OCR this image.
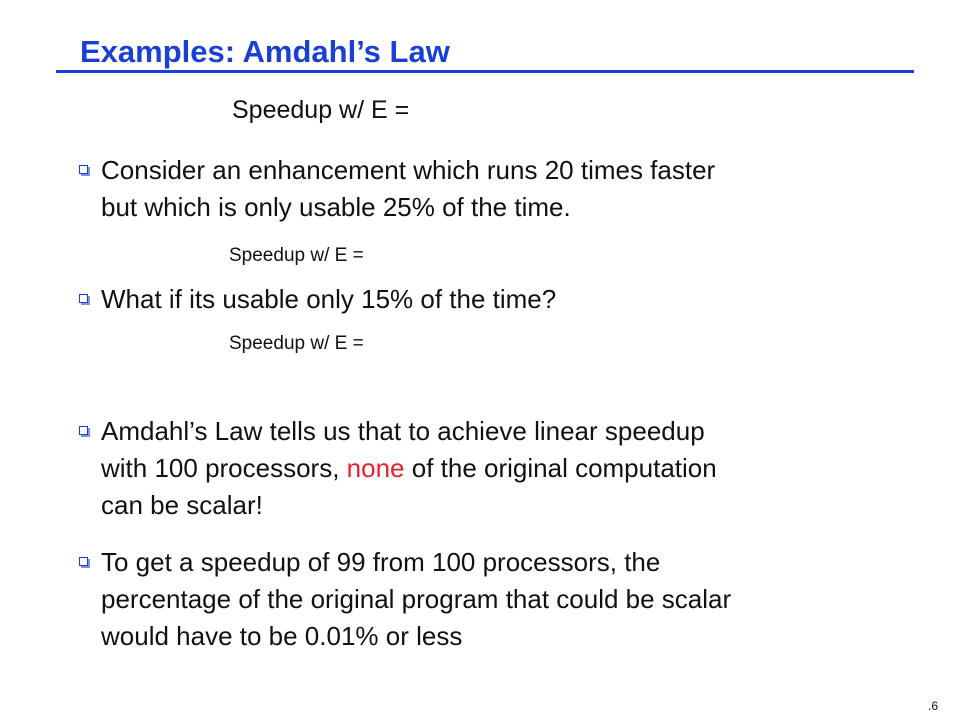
Examples: Amdahl’s Law
Speedup w/ E =
Consider an enhancement which runs 20 times faster
but which is only usable 25% of the time.
Speedup w/ E =
What if its usable only 15% of the time?
Speedup w/ E =
Amdahl’s Law tells us that to achieve linear speedup
with 100 processors, none of the original computation
can be scalar!
To get a speedup of 99 from 100 processors, the
percentage of the original program that could be scalar
would have to be 0.01% or less
.6
